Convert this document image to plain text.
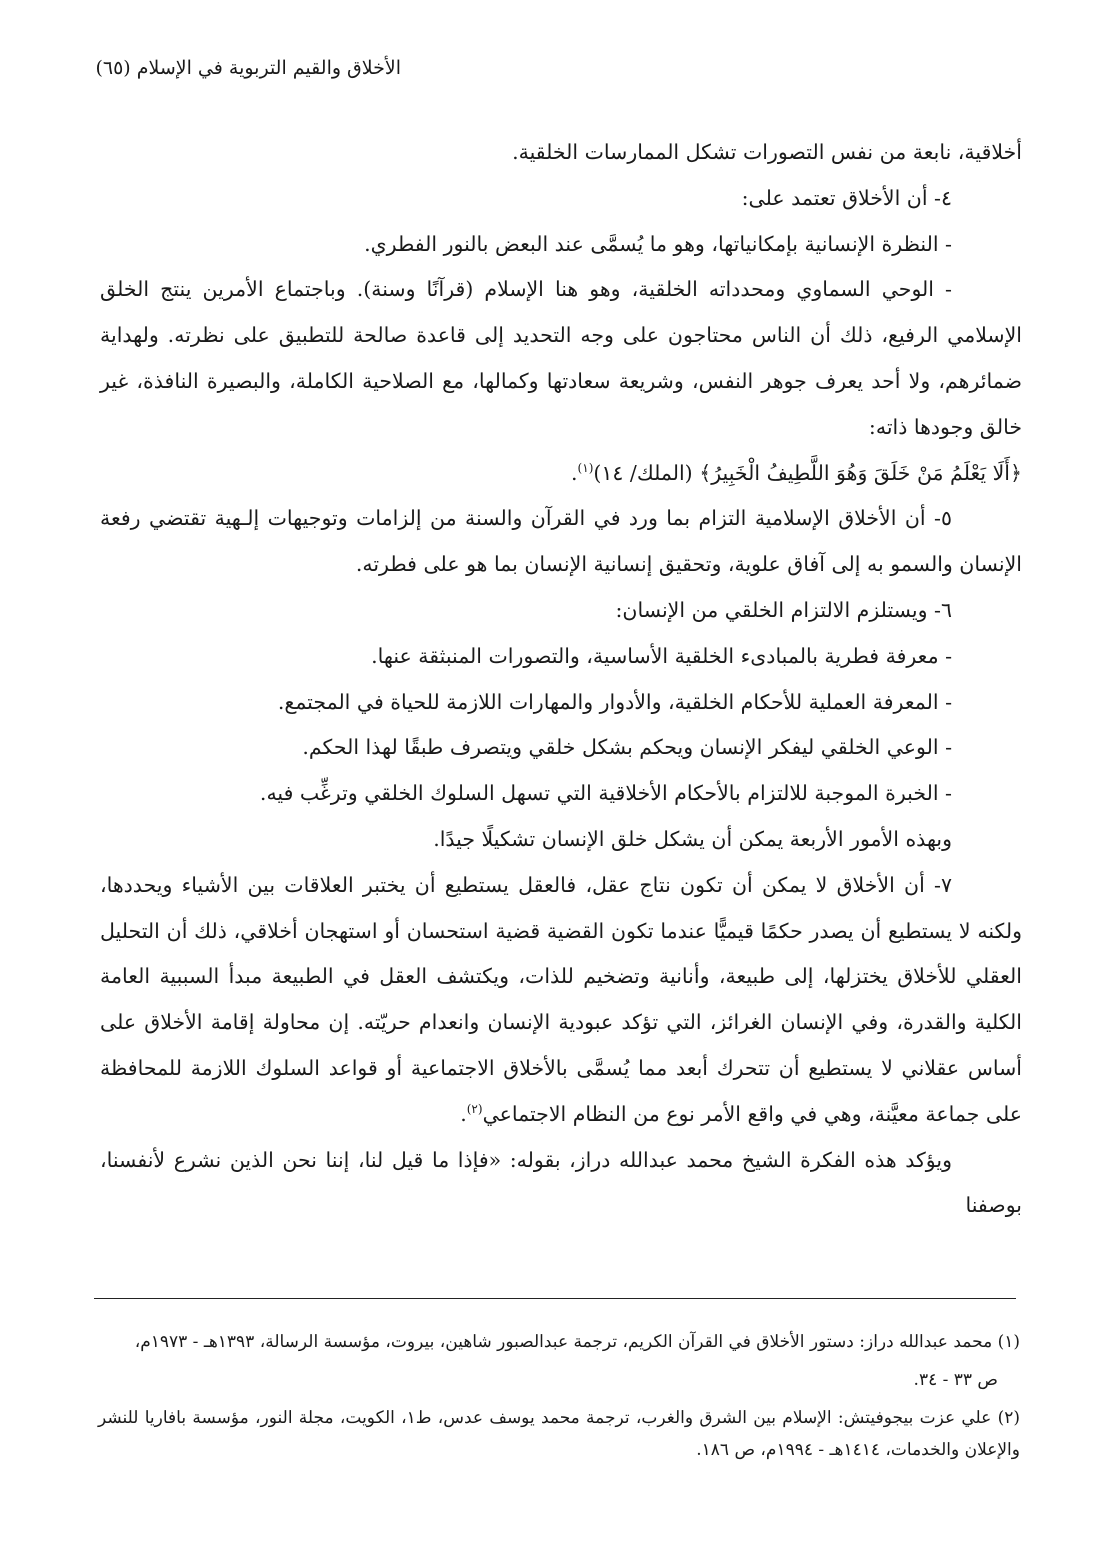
الأخلاق والقيم التربوية في الإسلام (٦٥)

أخلاقية، نابعة من نفس التصورات تشكل الممارسات الخلقية.

٤- أن الأخلاق تعتمد على:

- النظرة الإنسانية بإمكانياتها، وهو ما يُسمَّى عند البعض بالنور الفطري.

- الوحي السماوي ومحدداته الخلقية، وهو هنا الإسلام (قرآنًا وسنة). وباجتماع الأمرين ينتج الخلق الإسلامي الرفيع، ذلك أن الناس محتاجون على وجه التحديد إلى قاعدة صالحة للتطبيق على نظرته. ولهداية ضمائرهم، ولا أحد يعرف جوهر النفس، وشريعة سعادتها وكمالها، مع الصلاحية الكاملة، والبصيرة النافذة، غير خالق وجودها ذاته:

﴿أَلَا يَعْلَمُ مَنْ خَلَقَ وَهُوَ اللَّطِيفُ الْخَبِيرُ﴾ (الملك/ ١٤)$^{(١)}$.

٥- أن الأخلاق الإسلامية التزام بما ورد في القرآن والسنة من إلزامات وتوجيهات إلـهية تقتضي رفعة الإنسان والسمو به إلى آفاق علوية، وتحقيق إنسانية الإنسان بما هو على فطرته.

٦- ويستلزم الالتزام الخلقي من الإنسان:

- معرفة فطرية بالمبادىء الخلقية الأساسية، والتصورات المنبثقة عنها.

- المعرفة العملية للأحكام الخلقية، والأدوار والمهارات اللازمة للحياة في المجتمع.

- الوعي الخلقي ليفكر الإنسان ويحكم بشكل خلقي ويتصرف طبقًا لهذا الحكم.

- الخبرة الموجبة للالتزام بالأحكام الأخلاقية التي تسهل السلوك الخلقي وترغِّب فيه.

وبهذه الأمور الأربعة يمكن أن يشكل خلق الإنسان تشكيلًا جيدًا.

٧- أن الأخلاق لا يمكن أن تكون نتاج عقل، فالعقل يستطيع أن يختبر العلاقات بين الأشياء ويحددها، ولكنه لا يستطيع أن يصدر حكمًا قيميًّا عندما تكون القضية قضية استحسان أو استهجان أخلاقي، ذلك أن التحليل العقلي للأخلاق يختزلها، إلى طبيعة، وأنانية وتضخيم للذات، ويكتشف العقل في الطبيعة مبدأ السببية العامة الكلية والقدرة، وفي الإنسان الغرائز، التي تؤكد عبودية الإنسان وانعدام حريّته. إن محاولة إقامة الأخلاق على أساس عقلاني لا يستطيع أن تتحرك أبعد مما يُسمَّى بالأخلاق الاجتماعية أو قواعد السلوك اللازمة للمحافظة على جماعة معيَّنة، وهي في واقع الأمر نوع من النظام الاجتماعي$^{(٢)}$.

ويؤكد هذه الفكرة الشيخ محمد عبدالله دراز، بقوله: «فإذا ما قيل لنا، إننا نحن الذين نشرع لأنفسنا، بوصفنا

(١) محمد عبدالله دراز: دستور الأخلاق في القرآن الكريم، ترجمة عبدالصبور شاهين، بيروت، مؤسسة الرسالة، ١٣٩٣هـ - ١٩٧٣م،

ص ٣٣ - ٣٤.

(٢) علي عزت بيجوفيتش: الإسلام بين الشرق والغرب، ترجمة محمد يوسف عدس، ط١، الكويت، مجلة النور، مؤسسة بافاريا للنشر والإعلان والخدمات، ١٤١٤هـ - ١٩٩٤م، ص ١٨٦.
